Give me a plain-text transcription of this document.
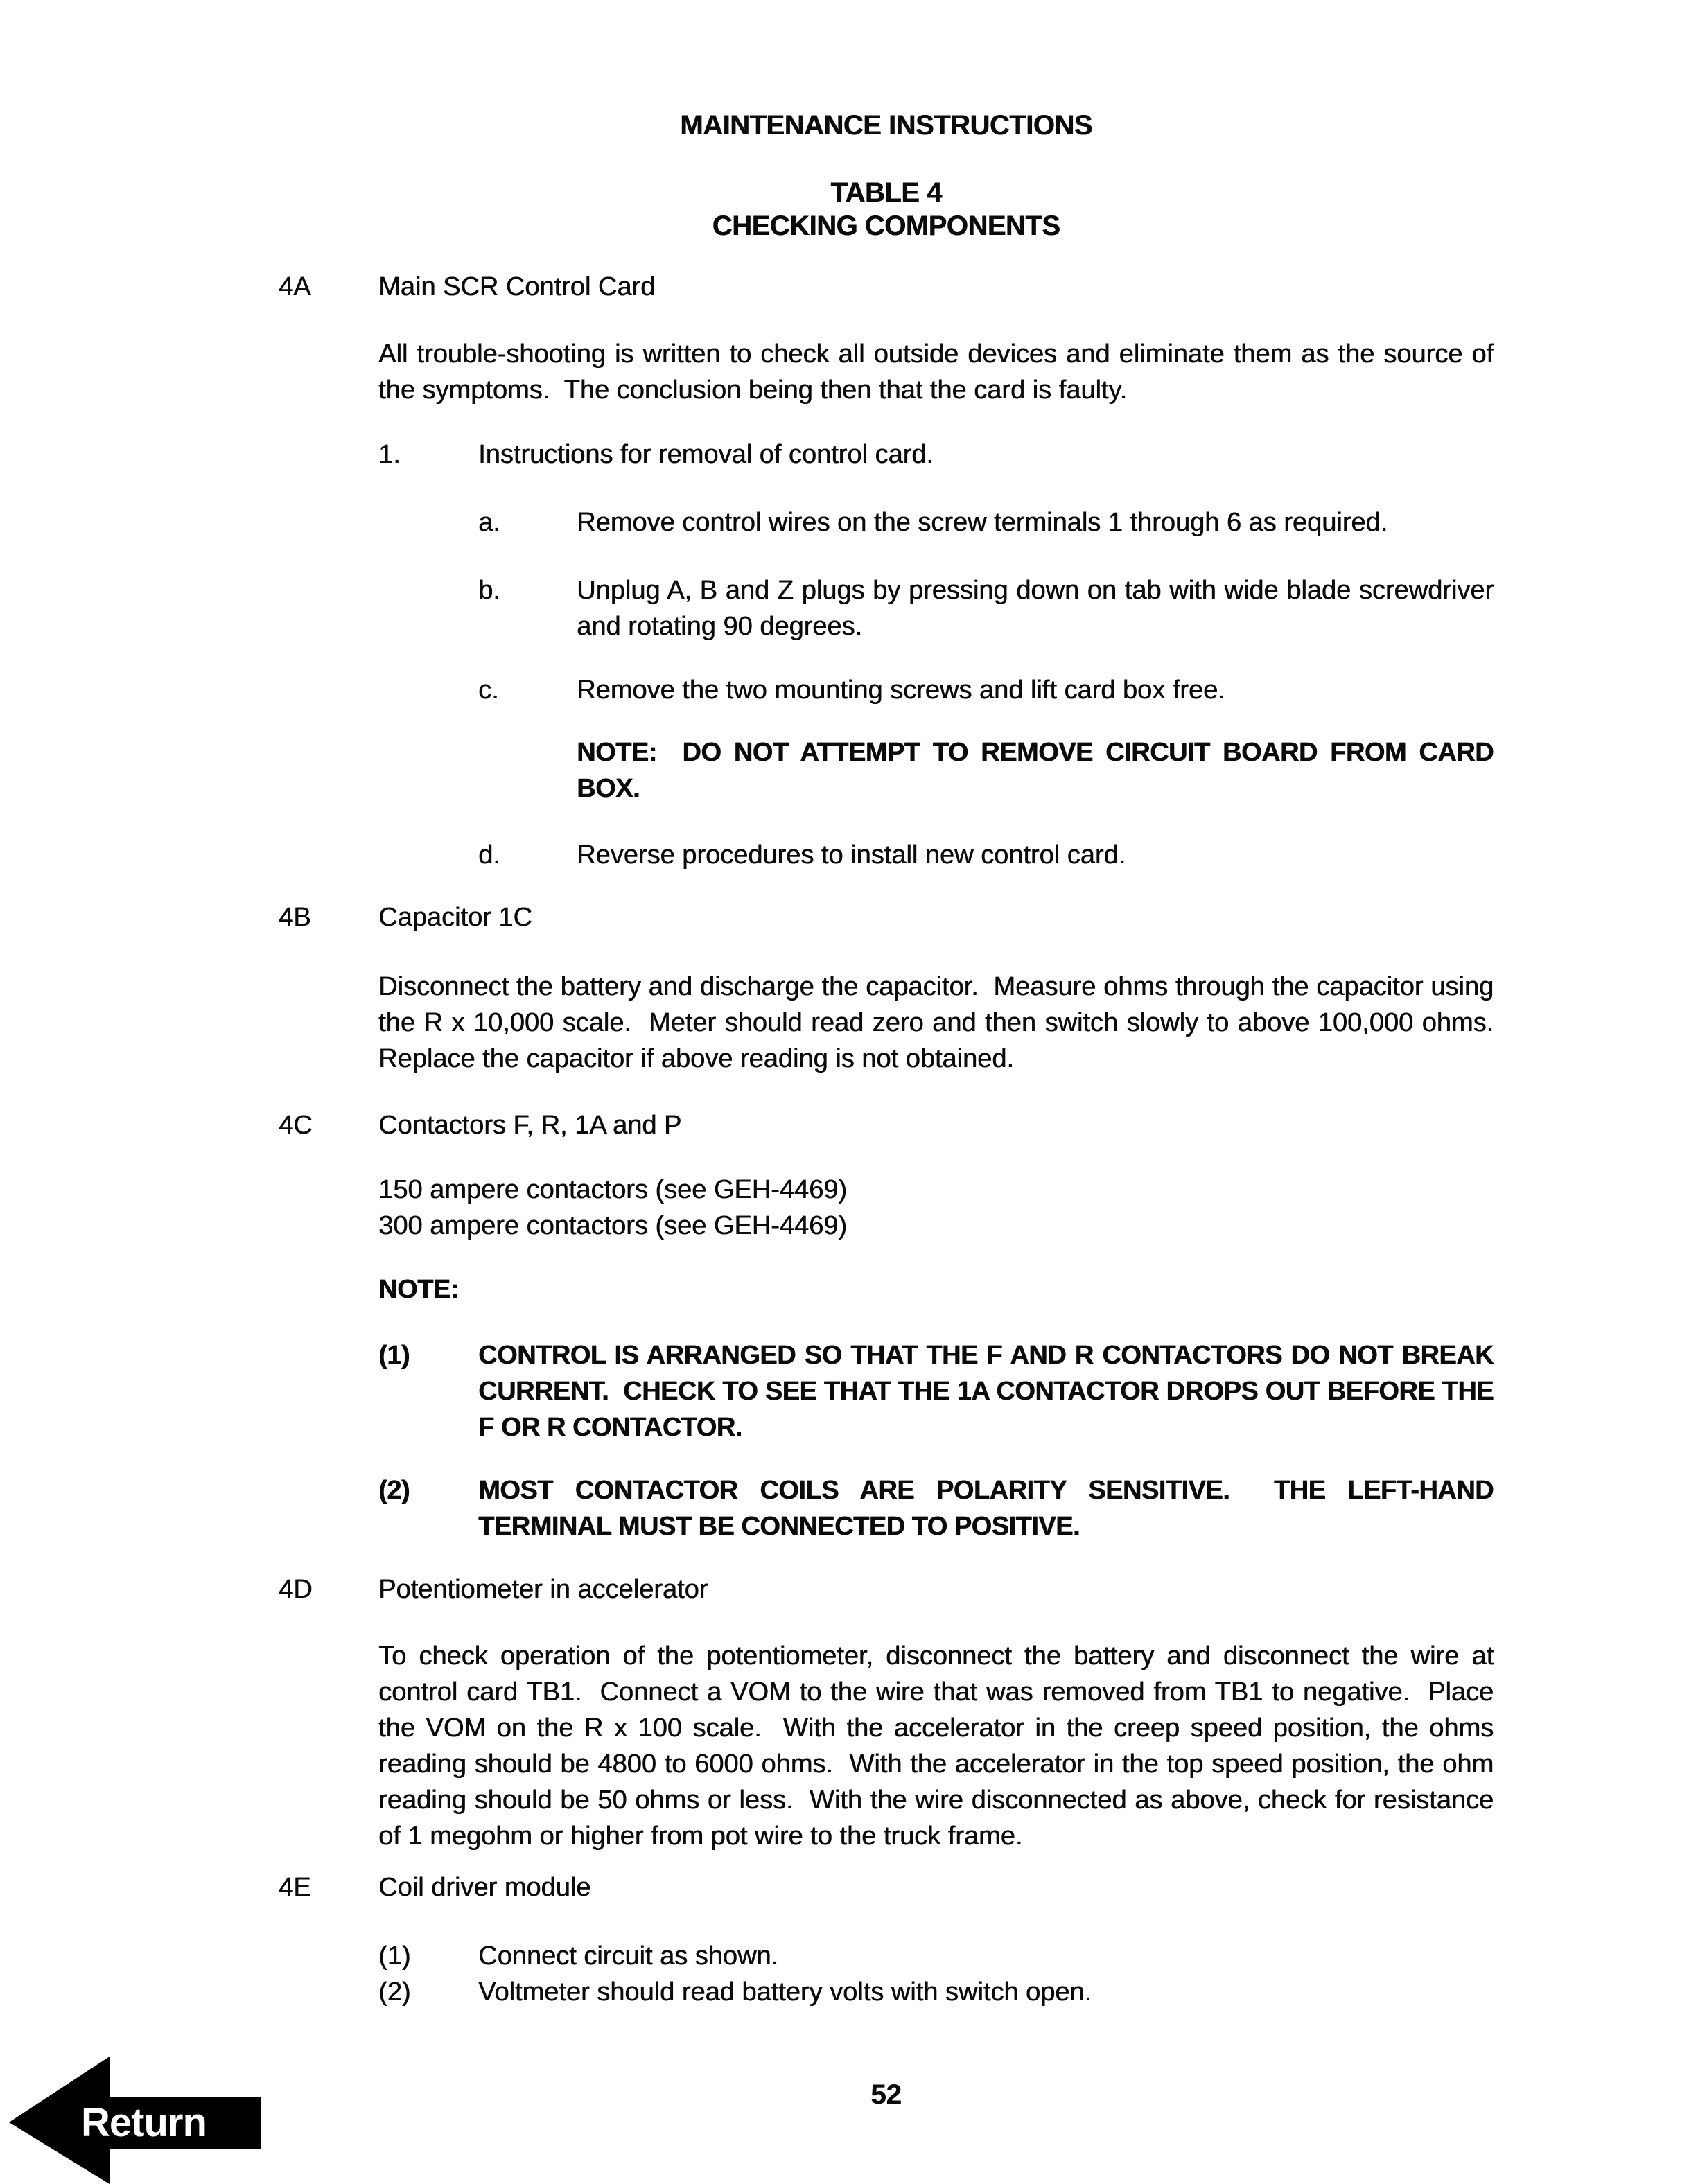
MAINTENANCE INSTRUCTIONS
TABLE 4
CHECKING COMPONENTS
4A	Main SCR Control Card
All trouble-shooting is written to check all outside devices and eliminate them as the source of the symptoms.  The conclusion being then that the card is faulty.
1.	Instructions for removal of control card.
a.	Remove control wires on the screw terminals 1 through 6 as required.
b.	Unplug A, B and Z plugs by pressing down on tab with wide blade screwdriver and rotating 90 degrees.
c.	Remove the two mounting screws and lift card box free.
NOTE:  DO NOT ATTEMPT TO REMOVE CIRCUIT BOARD FROM CARD BOX.
d.	Reverse procedures to install new control card.
4B	Capacitor 1C
Disconnect the battery and discharge the capacitor.  Measure ohms through the capacitor using the R x 10,000 scale.  Meter should read zero and then switch slowly to above 100,000 ohms.  Replace the capacitor if above reading is not obtained.
4C	Contactors F, R, 1A and P
150 ampere contactors (see GEH-4469)
300 ampere contactors (see GEH-4469)
NOTE:
(1)	CONTROL IS ARRANGED SO THAT THE F AND R CONTACTORS DO NOT BREAK CURRENT.  CHECK TO SEE THAT THE 1A CONTACTOR DROPS OUT BEFORE THE F OR R CONTACTOR.
(2)	MOST CONTACTOR COILS ARE POLARITY SENSITIVE.  THE LEFT-HAND TERMINAL MUST BE CONNECTED TO POSITIVE.
4D	Potentiometer in accelerator
To check operation of the potentiometer, disconnect the battery and disconnect the wire at control card TB1.  Connect a VOM to the wire that was removed from TB1 to negative.  Place the VOM on the R x 100 scale.  With the accelerator in the creep speed position, the ohms reading should be 4800 to 6000 ohms.  With the accelerator in the top speed position, the ohm reading should be 50 ohms or less.  With the wire disconnected as above, check for resistance of 1 megohm or higher from pot wire to the truck frame.
4E	Coil driver module
(1)	Connect circuit as shown.
(2)	Voltmeter should read battery volts with switch open.
52
Return
